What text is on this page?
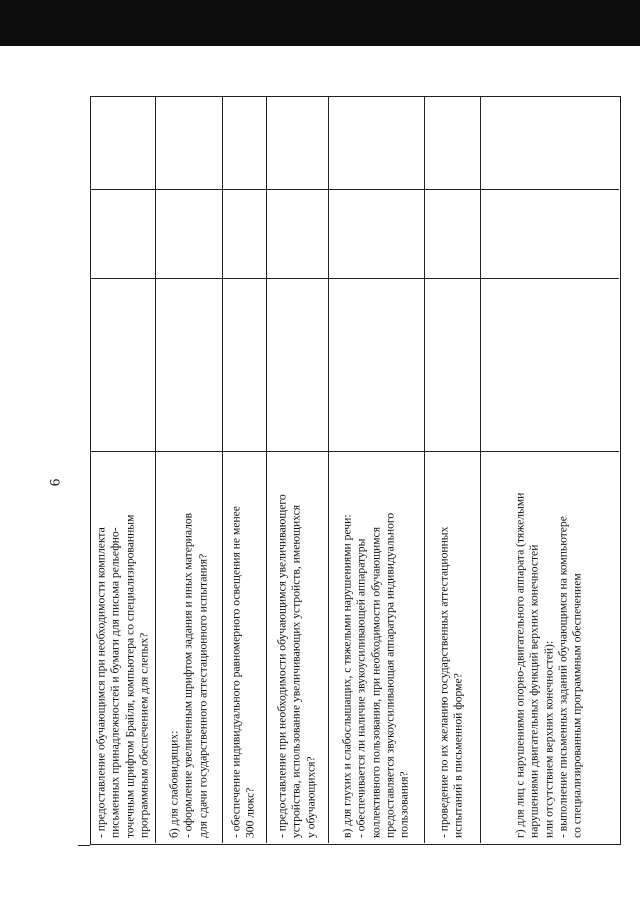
6
- предоставление обучающимся при необходимости комплекта письменных принадлежностей и бумаги для письма рельефно- точечным шрифтом Брайля, компьютера со специализированным программным обеспечением для слепых? б) для слабовидящих: - оформление увеличенным шрифтом задания и иных материалов для сдачи государственного аттестационного испытания? - обеспечение индивидуального равномерного освещения не менее 300 люкс? - предоставление при необходимости обучающимся увеличивающего устройства, использование увеличивающих устройств, имеющихся у обучающихся? в) для глухих и слабослышащих, с тяжелыми нарушениями речи: - обеспечивается ли наличие звукоусиливающей аппаратуры коллективного пользования, при необходимости обучающимся предоставляется звукоусиливающая аппаратура индивидуального пользования? - проведение по их желанию государственных аттестационных испытаний в письменной форме?	г) для лиц с нарушениями опорно-двигательного аппарата (тяжелыми нарушениями двигательных функций верхних конечностей или отсутствием верхних конечностей): - выполнение письменных заданий обучающимся на компьютере со специализированным программным обеспечением
